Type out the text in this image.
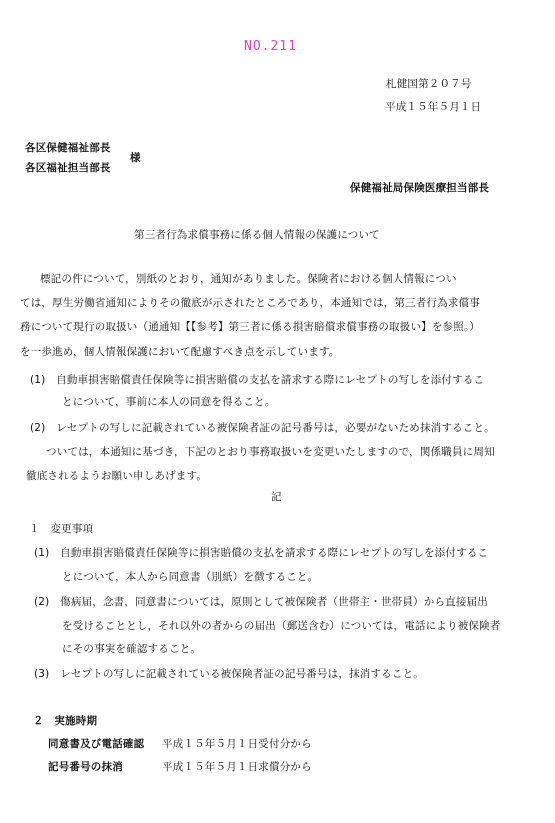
NO.211
札健国第２０７号
平成１５年５月１日
各区保健福祉部長
様
各区福祉担当部長
保健福祉局保険医療担当部長
第三者行為求償事務に係る個人情報の保護について
標記の件について，別紙のとおり，通知がありました。保険者における個人情報につい
ては，厚生労働省通知によりその徹底が示されたところであり，本通知では，第三者行為求償事
務について現行の取扱い（通通知【【参考】第三者に係る損害賠償求償事務の取扱い】を参照。）
を一歩進め，個人情報保護において配慮すべき点を示しています。
(1)　自動車損害賠償責任保険等に損害賠償の支払を請求する際にレセプトの写しを添付するこ
とについて，事前に本人の同意を得ること。
(2)　レセプトの写しに記載されている被保険者証の記号番号は，必要がないため抹消すること。
ついては，本通知に基づき，下記のとおり事務取扱いを変更いたしますので，関係職員に周知
徹底されるようお願い申しあげます。
記
１　変更事項
(1)　自動車損害賠償責任保険等に損害賠償の支払を請求する際にレセプトの写しを添付するこ
とについて，本人から同意書（別紙）を徴すること。
(2)　傷病届，念書，同意書については，原則として被保険者（世帯主・世帯員）から直接届出
を受けることとし，それ以外の者からの届出（郵送含む）については，電話により被保険者
にその事実を確認すること。
(3)　レセプトの写しに記載されている被保険者証の記号番号は，抹消すること。
２　実施時期
同意書及び電話確認 平成１５年５月１日受付分から
記号番号の抹消	平成１５年５月１日求償分から
